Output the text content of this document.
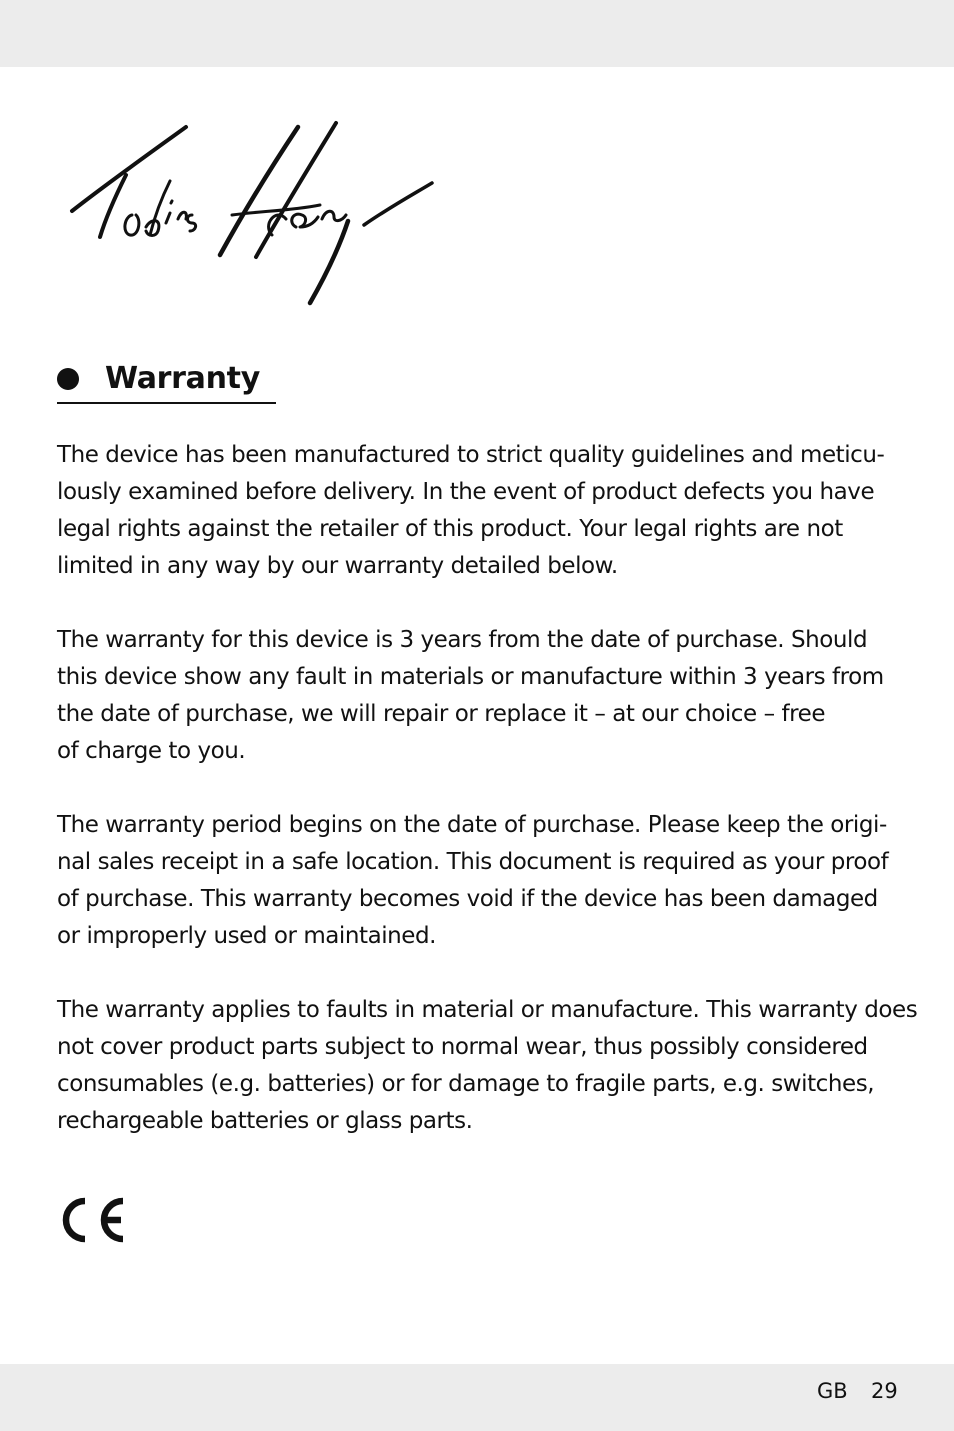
Warranty

The device has been manufactured to strict quality guidelines and meticu-
lously examined before delivery. In the event of product defects you have
legal rights against the retailer of this product. Your legal rights are not
limited in any way by our warranty detailed below.

The warranty for this device is 3 years from the date of purchase. Should
this device show any fault in materials or manufacture within 3 years from
the date of purchase, we will repair or replace it – at our choice – free
of charge to you.

The warranty period begins on the date of purchase. Please keep the origi-
nal sales receipt in a safe location. This document is required as your proof
of purchase. This warranty becomes void if the device has been damaged
or improperly used or maintained.

The warranty applies to faults in material or manufacture. This warranty does
not cover product parts subject to normal wear, thus possibly considered
consumables (e.g. batteries) or for damage to fragile parts, e.g. switches,
rechargeable batteries or glass parts.

GB 29
